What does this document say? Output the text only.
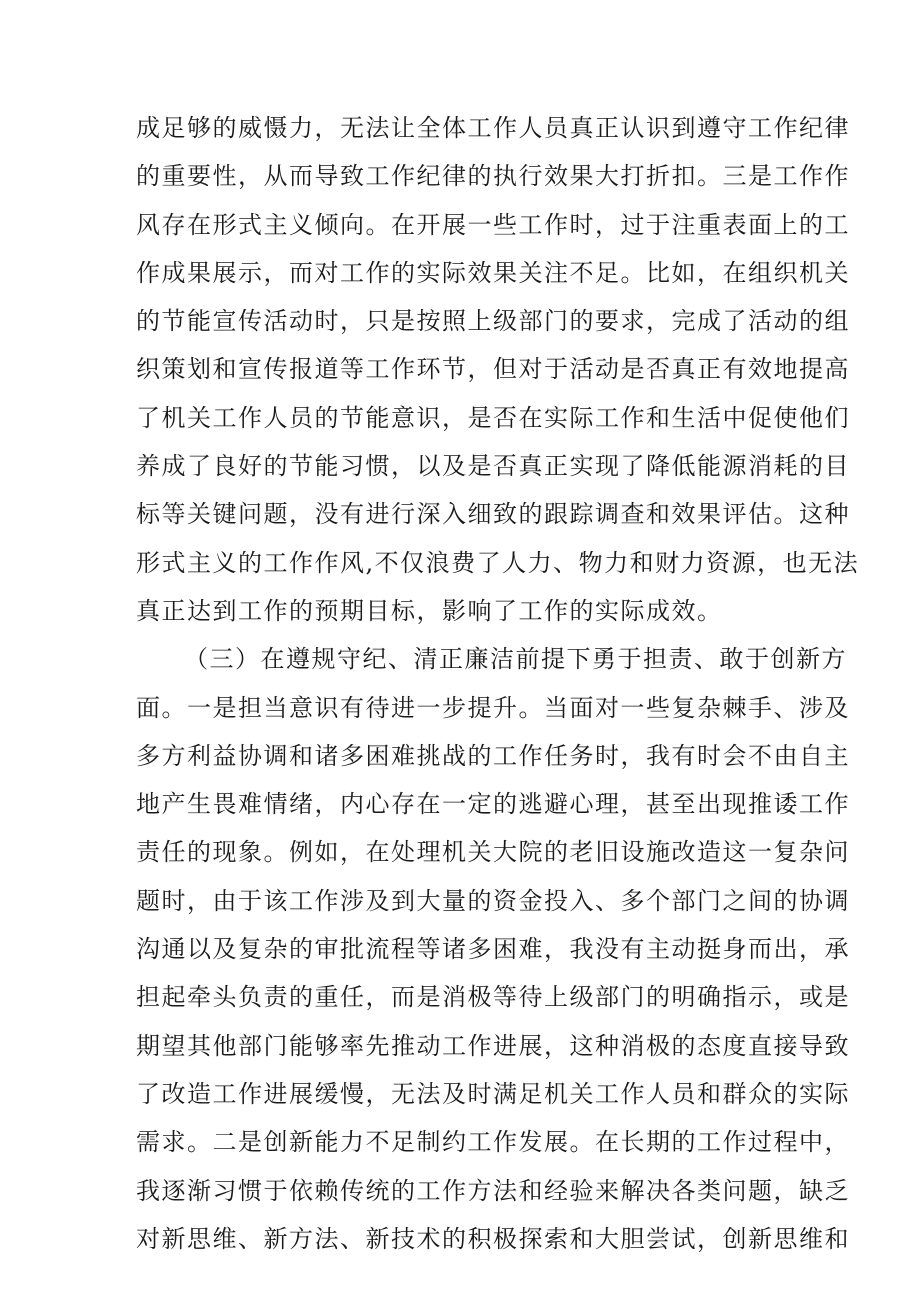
成足够的威慑力，无法让全体工作人员真正认识到遵守工作纪律
的重要性，从而导致工作纪律的执行效果大打折扣。三是工作作
风存在形式主义倾向。在开展一些工作时，过于注重表面上的工
作成果展示，而对工作的实际效果关注不足。比如，在组织机关
的节能宣传活动时，只是按照上级部门的要求，完成了活动的组
织策划和宣传报道等工作环节，但对于活动是否真正有效地提高
了机关工作人员的节能意识，是否在实际工作和生活中促使他们
养成了良好的节能习惯，以及是否真正实现了降低能源消耗的目
标等关键问题，没有进行深入细致的跟踪调查和效果评估。这种
形式主义的工作作风,不仅浪费了人力、物力和财力资源，也无法
真正达到工作的预期目标，影响了工作的实际成效。
（三）在遵规守纪、清正廉洁前提下勇于担责、敢于创新方
面。一是担当意识有待进一步提升。当面对一些复杂棘手、涉及
多方利益协调和诸多困难挑战的工作任务时，我有时会不由自主
地产生畏难情绪，内心存在一定的逃避心理，甚至出现推诿工作
责任的现象。例如，在处理机关大院的老旧设施改造这一复杂问
题时，由于该工作涉及到大量的资金投入、多个部门之间的协调
沟通以及复杂的审批流程等诸多困难，我没有主动挺身而出，承
担起牵头负责的重任，而是消极等待上级部门的明确指示，或是
期望其他部门能够率先推动工作进展，这种消极的态度直接导致
了改造工作进展缓慢，无法及时满足机关工作人员和群众的实际
需求。二是创新能力不足制约工作发展。在长期的工作过程中，
我逐渐习惯于依赖传统的工作方法和经验来解决各类问题，缺乏
对新思维、新方法、新技术的积极探索和大胆尝试，创新思维和
